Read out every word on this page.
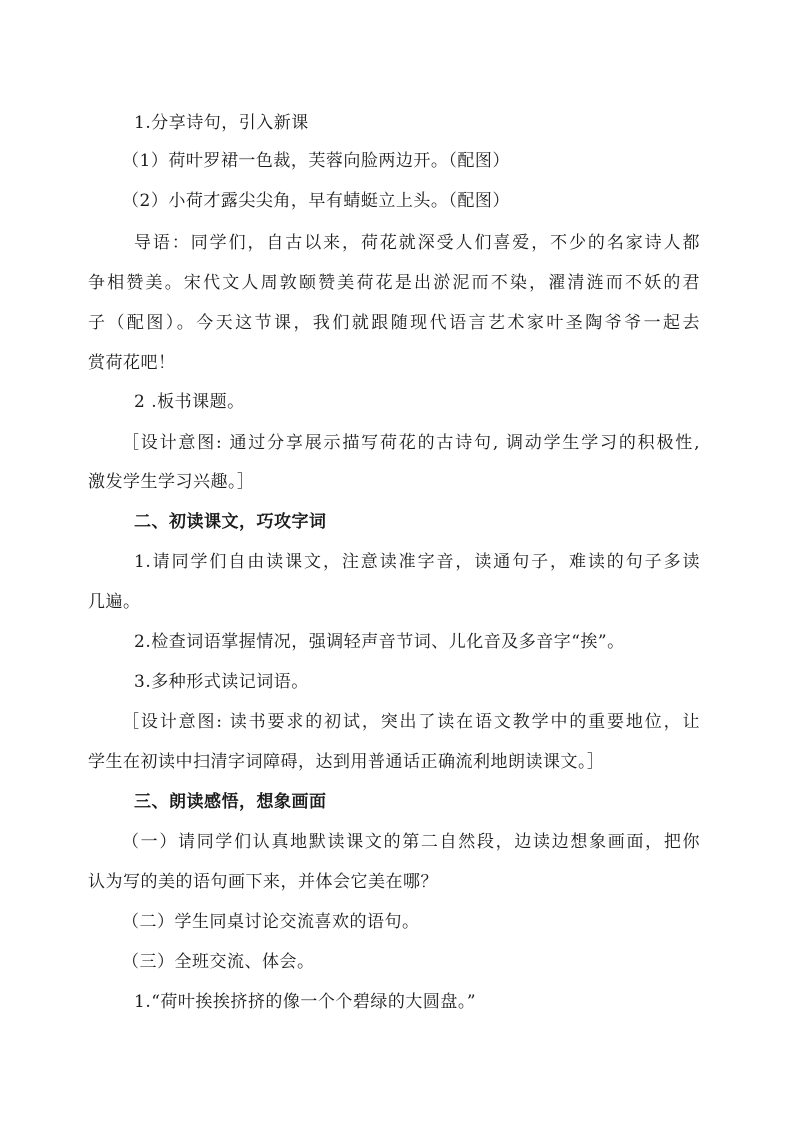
1.分享诗句，引入新课
（1）荷叶罗裙一色裁，芙蓉向脸两边开。（配图）
（2）小荷才露尖尖角，早有蜻蜓立上头。（配图）
导语：同学们，自古以来，荷花就深受人们喜爱，不少的名家诗人都
争相赞美。宋代文人周敦颐赞美荷花是出淤泥而不染，濯清涟而不妖的君
子（配图）。今天这节课，我们就跟随现代语言艺术家叶圣陶爷爷一起去
赏荷花吧！
2 .板书课题。
［设计意图: 通过分享展示描写荷花的古诗句, 调动学生学习的积极性,
激发学生学习兴趣。］
二、初读课文，巧攻字词
1.请同学们自由读课文，注意读准字音，读通句子，难读的句子多读
几遍。
2.检查词语掌握情况，强调轻声音节词、儿化音及多音字“挨”。
3.多种形式读记词语。
［设计意图: 读书要求的初试，突出了读在语文教学中的重要地位，让
学生在初读中扫清字词障碍，达到用普通话正确流利地朗读课文。］
三、朗读感悟，想象画面
（一）请同学们认真地默读课文的第二自然段，边读边想象画面，把你
认为写的美的语句画下来，并体会它美在哪？
（二）学生同桌讨论交流喜欢的语句。
（三）全班交流、体会。
1.“荷叶挨挨挤挤的像一个个碧绿的大圆盘。”
